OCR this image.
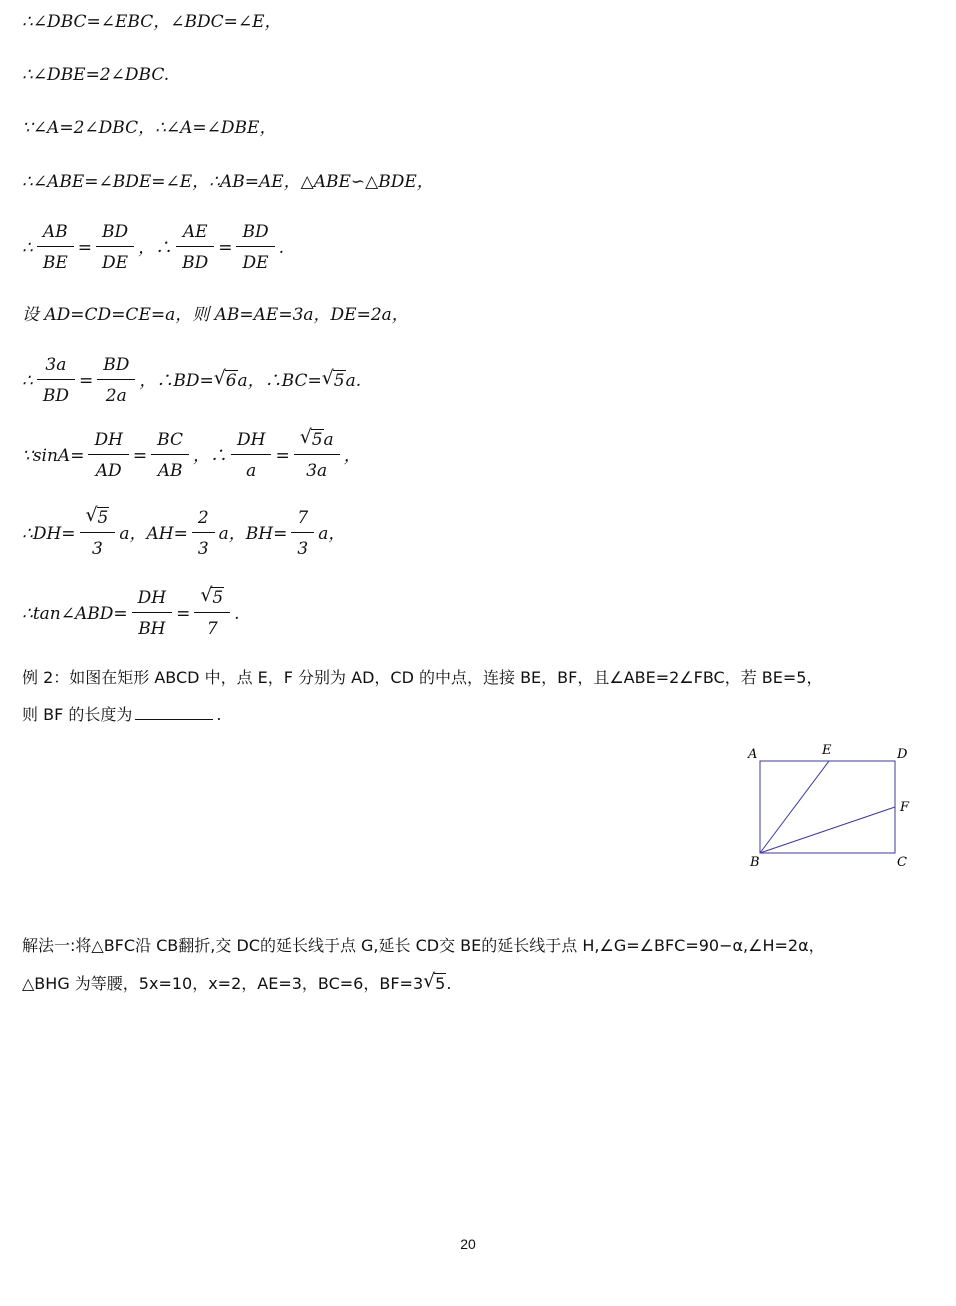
∴∠DBC=∠EBC，∠BDC=∠E，
∴∠DBE=2∠DBC.
∵∠A=2∠DBC，∴∠A=∠DBE，
∴∠ABE=∠BDE=∠E，∴AB=AE，△ABE∽△BDE，
∴ $\frac{AB}{BE} = \frac{BD}{DE}$ ，∴ $\frac{AE}{BD} = \frac{BD}{DE}$ .
设 AD=CD=CE=a，则 AB=AE=3a，DE=2a，
∴ $\frac{3a}{BD} = \frac{BD}{2a}$ ，∴BD= √ 6 a，∴BC= √ 5 a.
∵sinA= $\frac{DH}{AD} = \frac{BC}{AB}$ ，∴ $\frac{DH}{a} = \frac{√ 5a}{3a}$ ，
∴DH= $\frac{√ 5}{3}$ a，$AH= \frac{2}{3}$ a，$BH= \frac{7}{3}$ a，
∴tan∠ABD= $\frac{DH}{BH} = \frac{√ 5}{7}$ .
例 2：如图在矩形 ABCD 中，点 E，F 分别为 AD，CD 的中点，连接 BE，BF，且∠ABE=2∠FBC，若 BE=5，
则 BF 的长度为	.
A	E	D
F
B	C
解法一:将△BFC沿 CB翻折,交 DC的延长线于点 G,延长 CD交 BE的延长线于点 H,∠G=∠BFC=90−α,∠H=2α，
△BHG 为等腰，5x=10，x=2，AE=3，BC=6，BF=3 √ 5.
20
